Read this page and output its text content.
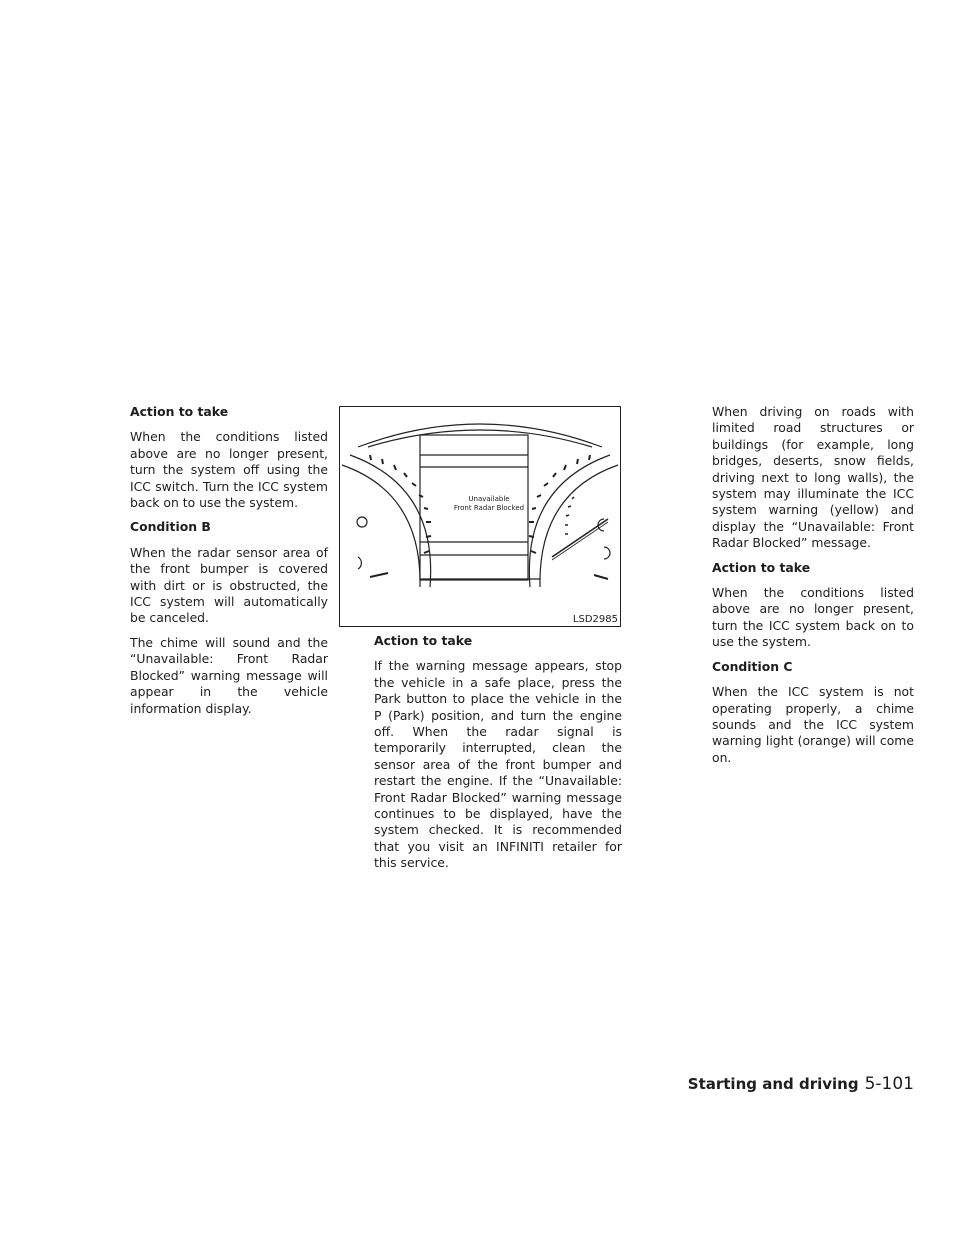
Action to take

When the conditions listed above are no longer present, turn the system off using the ICC switch. Turn the ICC system back on to use the system.

Condition B

When the radar sensor area of the front bumper is covered with dirt or is obstructed, the ICC system will automatically be canceled.

The chime will sound and the “Unavailable: Front Radar Blocked” warning message will appear in the vehicle information display.

Unavailable
Front Radar Blocked
LSD2985
Action to take

If the warning message appears, stop the vehicle in a safe place, press the Park button to place the vehicle in the P (Park) position, and turn the engine off. When the radar signal is temporarily interrupted, clean the sensor area of the front bumper and restart the engine. If the “Unavailable: Front Radar Blocked” warning message continues to be displayed, have the system checked. It is recommended that you visit an INFINITI retailer for this service.

When driving on roads with limited road structures or buildings (for example, long bridges, deserts, snow fields, driving next to long walls), the system may illuminate the ICC system warning (yellow) and display the “Unavailable: Front Radar Blocked” message.

Action to take

When the conditions listed above are no longer present, turn the ICC system back on to use the system.

Condition C

When the ICC system is not operating properly, a chime sounds and the ICC system warning light (orange) will come on.

Starting and driving 5-101
